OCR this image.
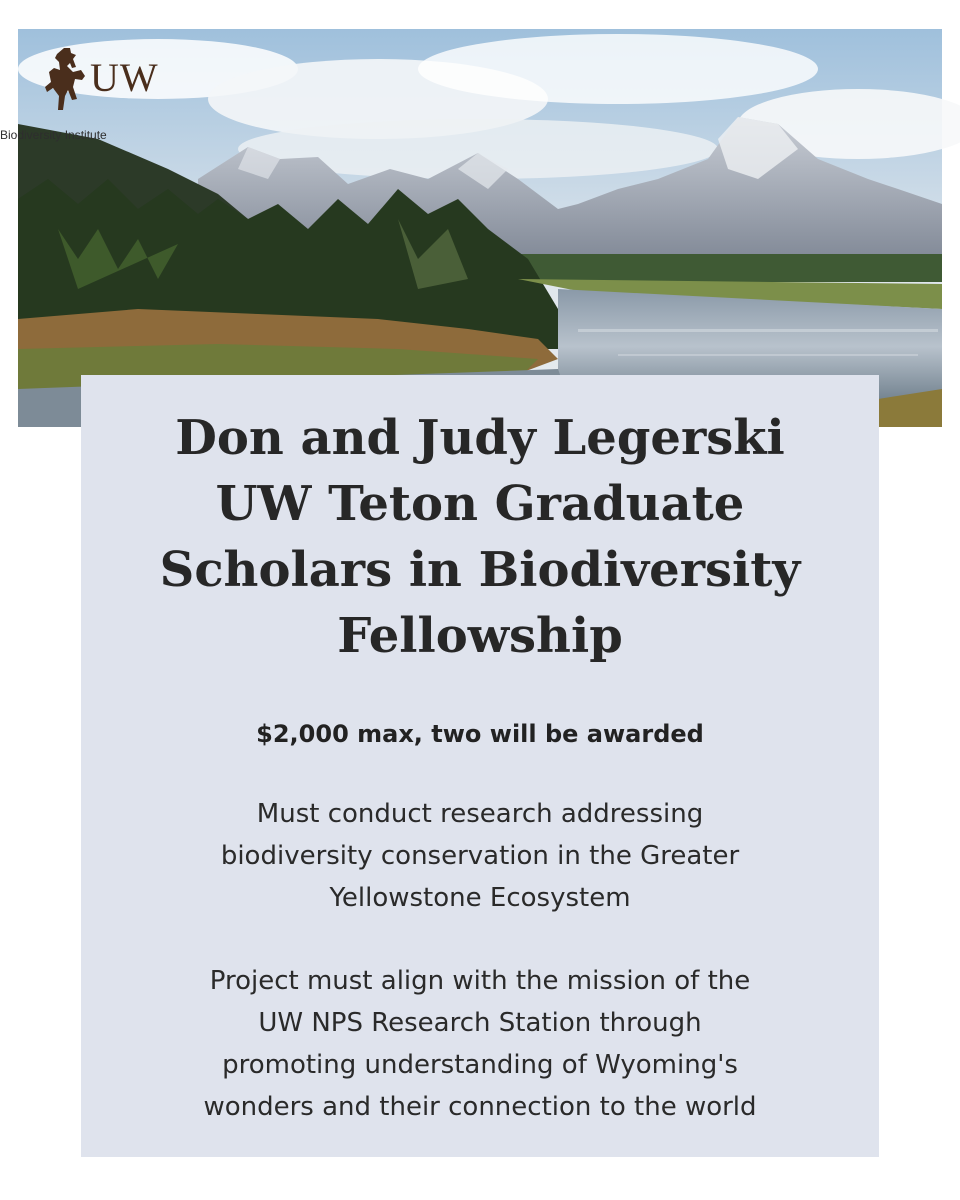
UW
Biodiversity Institute
Don and Judy Legerski
UW Teton Graduate
Scholars in Biodiversity
Fellowship
$2,000 max, two will be awarded
Must conduct research addressing
biodiversity conservation in the Greater
Yellowstone Ecosystem
Project must align with the mission of the
UW NPS Research Station through
promoting understanding of Wyoming's
wonders and their connection to the world
